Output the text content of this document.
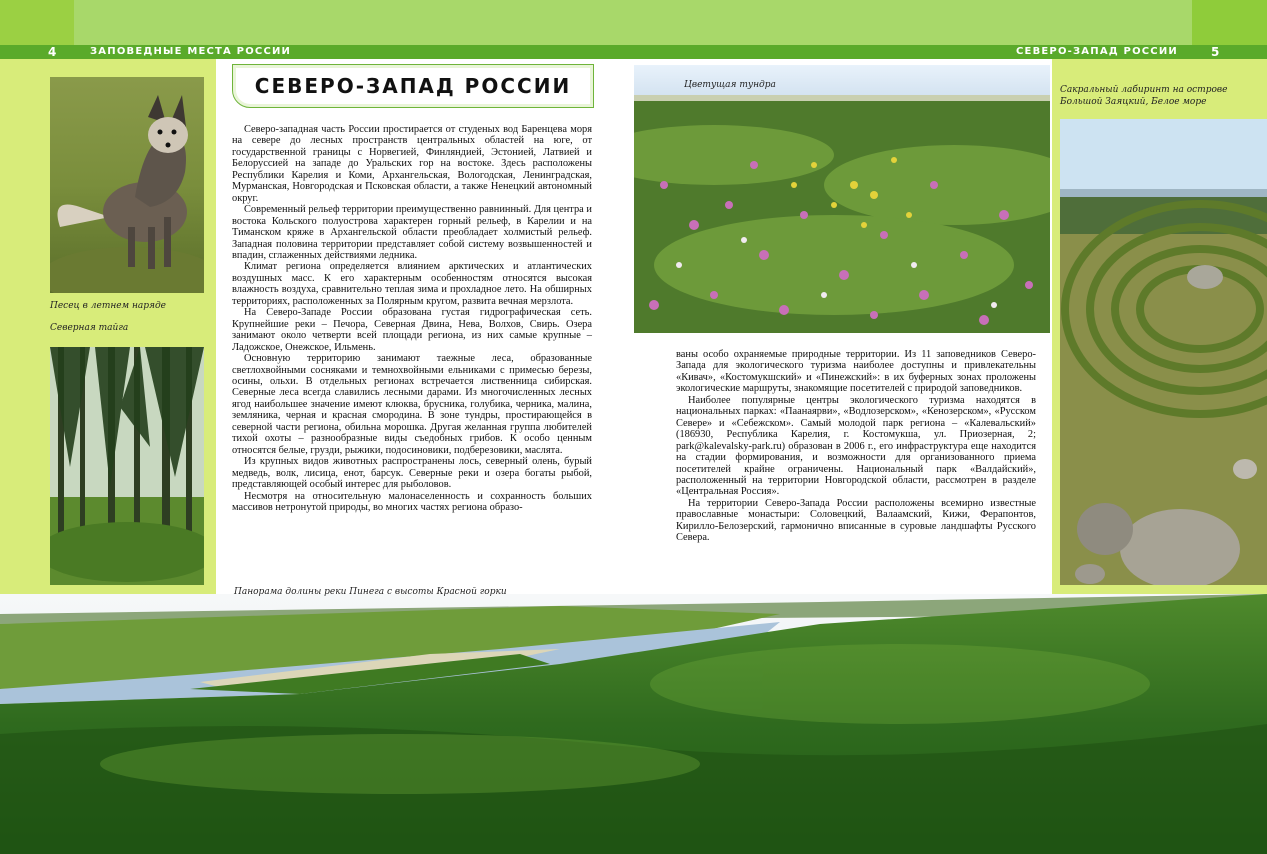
4	ЗАПОВЕДНЫЕ МЕСТА РОССИИ	СЕВЕРО-ЗАПАД РОССИИ	5
Песец в летнем наряде
Северная тайга
СЕВЕРО-ЗАПАД РОССИИ

Северо-западная часть России простирается от студеных вод Баренцева моря на севере до лесных пространств центральных областей на юге, от государственной границы с Норвегией, Финляндией, Эстонией, Латвией и Белоруссией на западе до Уральских гор на востоке. Здесь расположены Республики Карелия и Коми, Архангельская, Вологодская, Ленинградская, Мурманская, Новгородская и Псковская области, а также Ненецкий автономный округ.

Современный рельеф территории преимущественно равнинный. Для центра и востока Кольского полуострова характерен горный рельеф, в Карелии и на Тиманском кряже в Архангельской области преобладает холмистый рельеф. Западная половина территории представляет собой систему возвышенностей и впадин, сглаженных действиями ледника.

Климат региона определяется влиянием арктических и атлантических воздушных масс. К его характерным особенностям относятся высокая влажность воздуха, сравнительно теплая зима и прохладное лето. На обширных территориях, расположенных за Полярным кругом, развита вечная мерзлота.

На Северо-Западе России образована густая гидрографическая сеть. Крупнейшие реки – Печора, Северная Двина, Нева, Волхов, Свирь. Озера занимают около четверти всей площади региона, из них самые крупные – Ладожское, Онежское, Ильмень.

Основную территорию занимают таежные леса, образованные светлохвойными сосняками и темнохвойными ельниками с примесью березы, осины, ольхи. В отдельных регионах встречается лиственница сибирская. Северные леса всегда славились лесными дарами. Из многочисленных лесных ягод наибольшее значение имеют клюква, брусника, голубика, черника, малина, земляника, черная и красная смородина. В зоне тундры, простирающейся в северной части региона, обильна морошка. Другая желанная группа любителей тихой охоты – разнообразные виды съедобных грибов. К особо ценным относятся белые, грузди, рыжики, подосиновики, подберезовики, маслята.

Из крупных видов животных распространены лось, северный олень, бурый медведь, волк, лисица, енот, барсук. Северные реки и озера богаты рыбой, представляющей особый интерес для рыболовов.

Несмотря на относительную малонаселенность и сохранность больших массивов нетронутой природы, во многих частях региона образо-

Цветущая тундра

ваны особо охраняемые природные территории. Из 11 заповедников Северо-Запада для экологического туризма наиболее доступны и привлекательны «Кивач», «Костомукшский» и «Пинежский»: в их буферных зонах проложены экологические маршруты, знакомящие посетителей с природой заповедников.

Наиболее популярные центры экологического туризма находятся в национальных парках: «Паанаярви», «Водлозерском», «Кенозерском», «Русском Севере» и «Себежском». Самый молодой парк региона – «Калевальский» (186930, Республика Карелия, г. Костомукша, ул. Приозерная, 2; park@kalevalsky-park.ru) образован в 2006 г., его инфраструктура еще находится на стадии формирования, и возможности для организованного приема посетителей крайне ограничены. Национальный парк «Валдайский», расположенный на территории Новгородской области, рассмотрен в разделе «Центральная Россия».

На территории Северо-Запада России расположены всемирно известные православные монастыри: Соловецкий, Валаамский, Кижи, Ферапонтов, Кирилло-Белозерский, гармонично вписанные в суровые ландшафты Русского Севера.

Сакральный лабиринт на острове Большой Заяцкий, Белое море
Панорама долины реки Пинега с высоты Красной горки
